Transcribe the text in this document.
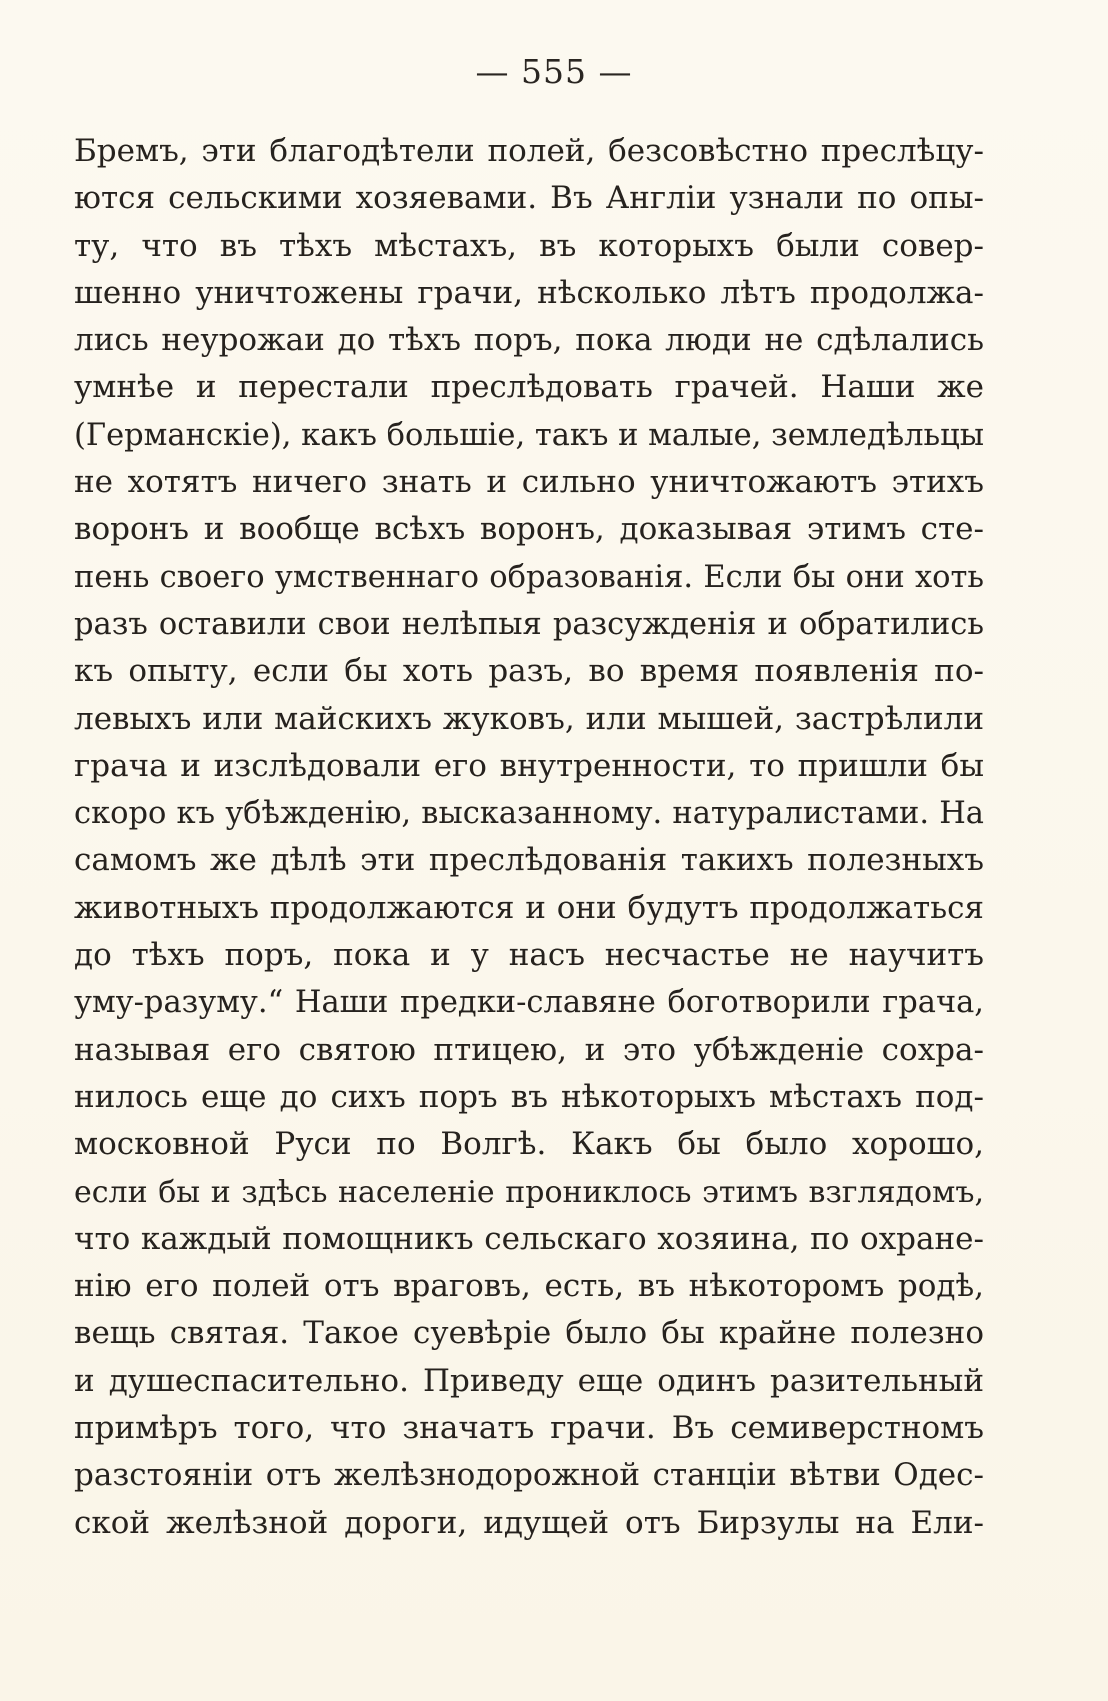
— 555 —
Бремъ, эти благодѣтели полей, безсовѣстно преслѣцу-
ются сельскими хозяевами. Въ Англіи узнали по опы-
ту, что въ тѣхъ мѣстахъ, въ которыхъ были совер-
шенно уничтожены грачи, нѣсколько лѣтъ продолжа-
лись неурожаи до тѣхъ поръ, пока люди не сдѣлались
умнѣе и перестали преслѣдовать грачей. Наши же
(Германскіе), какъ большіе, такъ и малые, земледѣльцы
не хотятъ ничего знать и сильно уничтожаютъ этихъ
воронъ и вообще всѣхъ воронъ, доказывая этимъ сте-
пень своего умственнаго образованія. Если бы они хоть
разъ оставили свои нелѣпыя разсужденія и обратились
къ опыту, если бы хоть разъ, во время появленія по-
левыхъ или майскихъ жуковъ, или мышей, застрѣлили
грача и изслѣдовали его внутренности, то пришли бы
скоро къ убѣжденію, высказанному. натуралистами. На
самомъ же дѣлѣ эти преслѣдованія такихъ полезныхъ
животныхъ продолжаются и они будутъ продолжаться
до тѣхъ поръ, пока и у насъ несчастье не научитъ
уму-разуму.“ Наши предки-славяне боготворили грача,
называя его святою птицею, и это убѣжденіе сохра-
нилось еще до сихъ поръ въ нѣкоторыхъ мѣстахъ под-
московной Руси по Волгѣ. Какъ бы было хорошо,
если бы и здѣсь населеніе прониклось этимъ взглядомъ,
что каждый помощникъ сельскаго хозяина, по охране-
нію его полей отъ враговъ, есть, въ нѣкоторомъ родѣ,
вещь святая. Такое суевѣріе было бы крайне полезно
и душеспасительно. Приведу еще одинъ разительный
примѣръ того, что значатъ грачи. Въ семиверстномъ
разстояніи отъ желѣзнодорожной станціи вѣтви Одес-
ской желѣзной дороги, идущей отъ Бирзулы на Ели-
